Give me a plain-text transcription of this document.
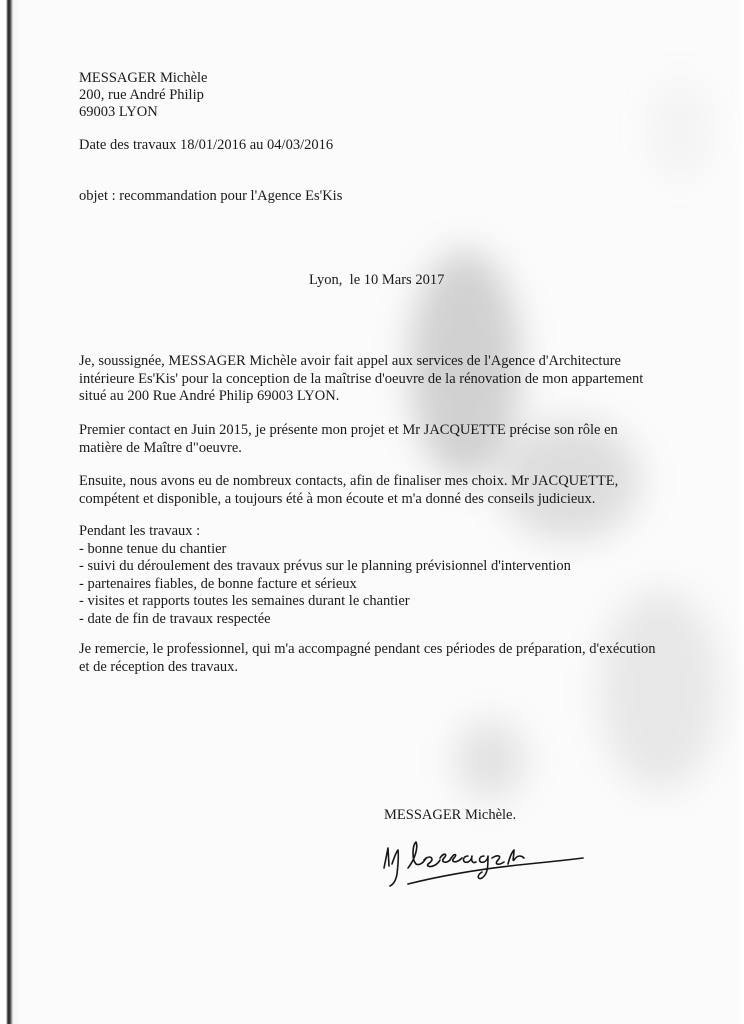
MESSAGER Michèle
200, rue André Philip
69003 LYON
Date des travaux 18/01/2016 au 04/03/2016
objet : recommandation pour l'Agence Es'Kis
Lyon,  le 10 Mars 2017
Je, soussignée, MESSAGER Michèle avoir fait appel aux services de l'Agence d'Architecture
intérieure Es'Kis' pour la conception de la maîtrise d'oeuvre de la rénovation de mon appartement
situé au 200 Rue André Philip 69003 LYON.
Premier contact en Juin 2015, je présente mon projet et Mr JACQUETTE précise son rôle en
matière de Maître d"oeuvre.
Ensuite, nous avons eu de nombreux contacts, afin de finaliser mes choix. Mr JACQUETTE,
compétent et disponible, a toujours été à mon écoute et m'a donné des conseils judicieux.
Pendant les travaux :
- bonne tenue du chantier
- suivi du déroulement des travaux prévus sur le planning prévisionnel d'intervention
- partenaires fiables, de bonne facture et sérieux
- visites et rapports toutes les semaines durant le chantier
- date de fin de travaux respectée
Je remercie, le professionnel, qui m'a accompagné pendant ces périodes de préparation, d'exécution
et de réception des travaux.
MESSAGER Michèle.
